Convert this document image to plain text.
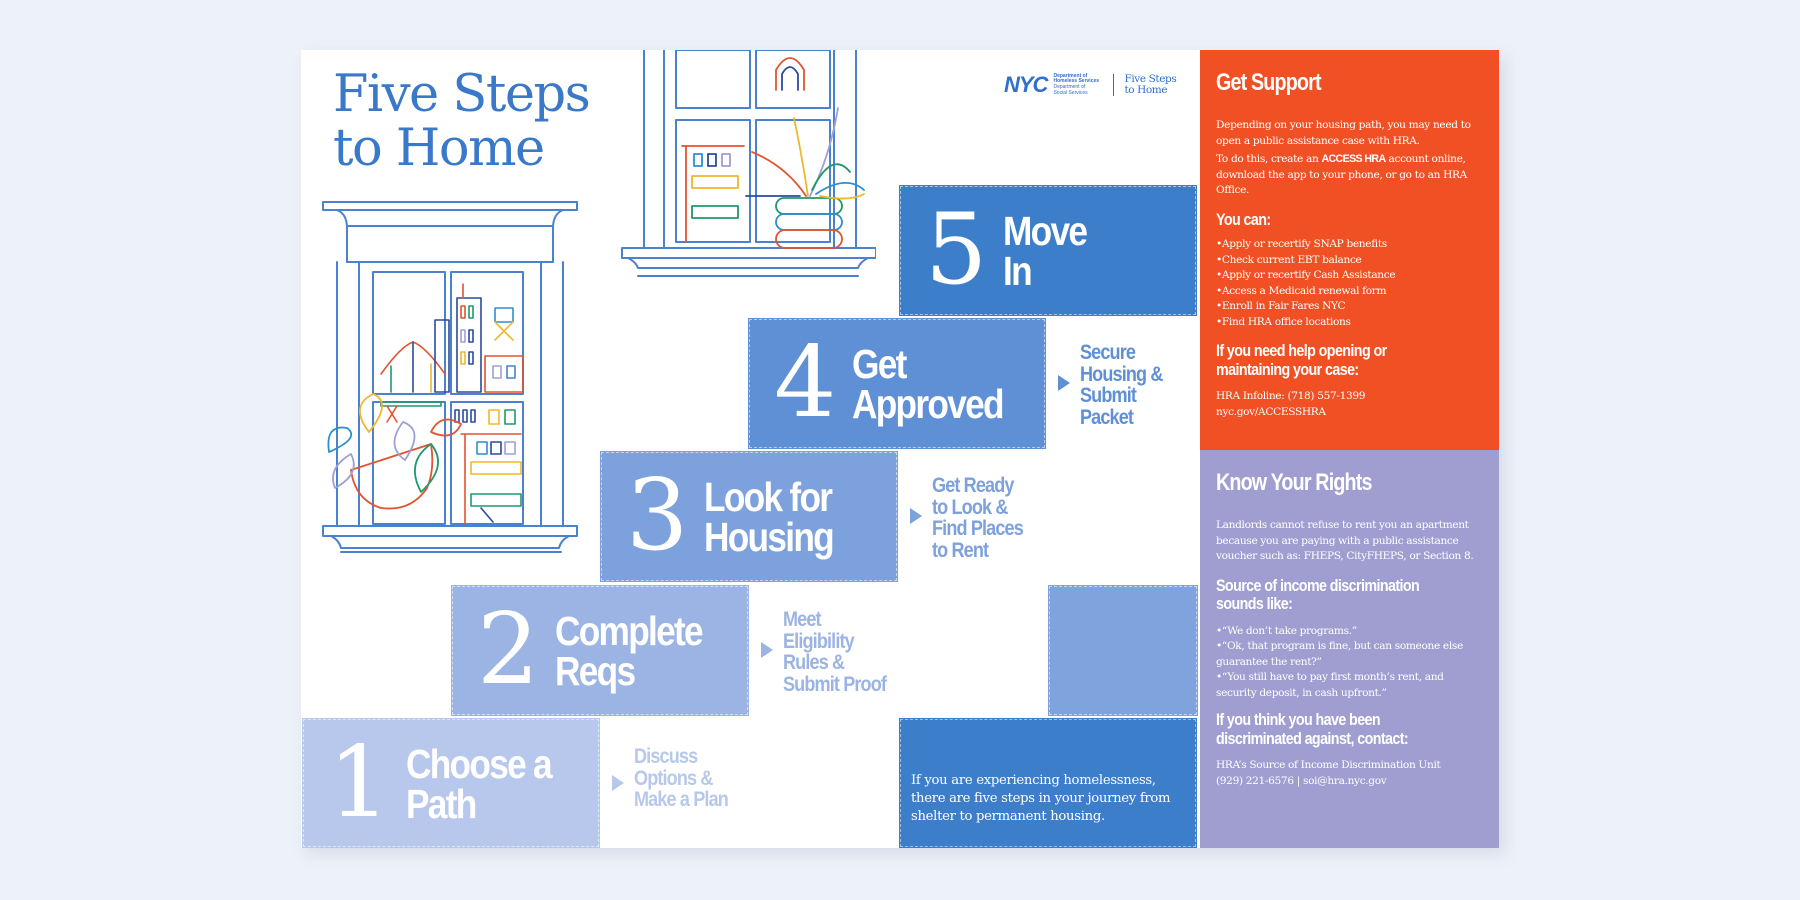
Five Steps
to Home
NYC Department of
Homeless Services
Department of
Social Services
Five Steps
to Home
5 Move
In
4 Get
Approved
Secure
Housing &
Submit
Packet
3 Look for
Housing
Get Ready
to Look &
Find Places
to Rent
2 Complete
Reqs
Meet
Eligibility
Rules &
Submit Proof
1 Choose a
Path
Discuss
Options &
Make a Plan
If you are experiencing homelessness, there are five steps in your journey from shelter to permanent housing.
Get Support

Depending on your housing path, you may need to open a public assistance case with HRA.

To do this, create an ACCESS HRA account online, download the app to your phone, or go to an HRA Office.

You can:
• Apply or recertify SNAP benefits
• Check current EBT balance
• Apply or recertify Cash Assistance
• Access a Medicaid renewal form
• Enroll in Fair Fares NYC
• Find HRA office locations
If you need help opening or
maintaining your case:

HRA Infoline: (718) 557-1399

nyc.gov/ACCESSHRA

Know Your Rights

Landlords cannot refuse to rent you an apartment because you are paying with a public assistance voucher such as: FHEPS, CityFHEPS, or Section 8.

Source of income discrimination
sounds like:
• “We don’t take programs.”
• “Ok, that program is fine, but can someone else guarantee the rent?”
• “You still have to pay first month’s rent, and security deposit, in cash upfront.”
If you think you have been
discriminated against, contact:

HRA’s Source of Income Discrimination Unit

(929) 221-6576 | soi@hra.nyc.gov
